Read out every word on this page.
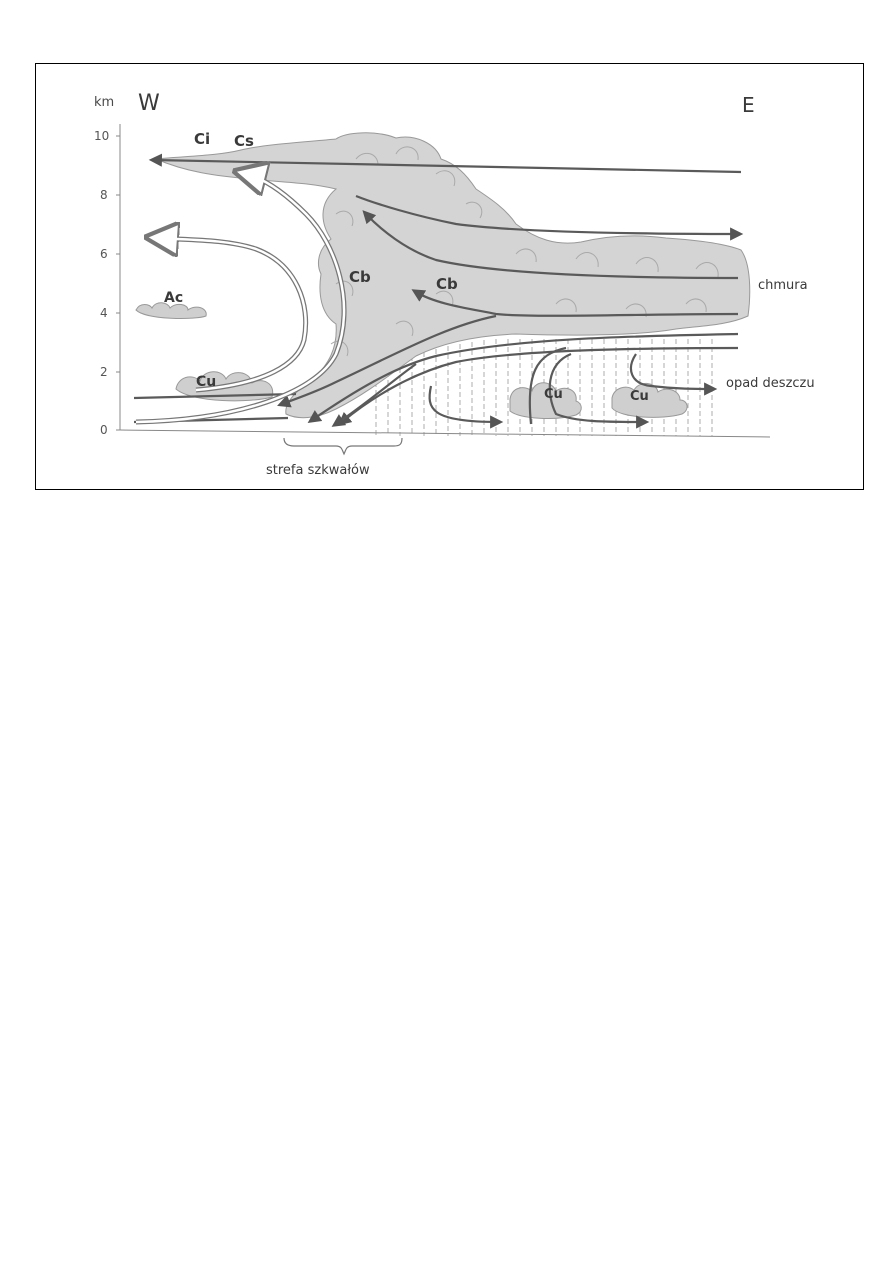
km
0
2
4
6
8
10
W	E
Ci Cs
Ac
Cu
Cb	Cb
Cu	Cu
chmura
opad deszczu
strefa szkwałów
